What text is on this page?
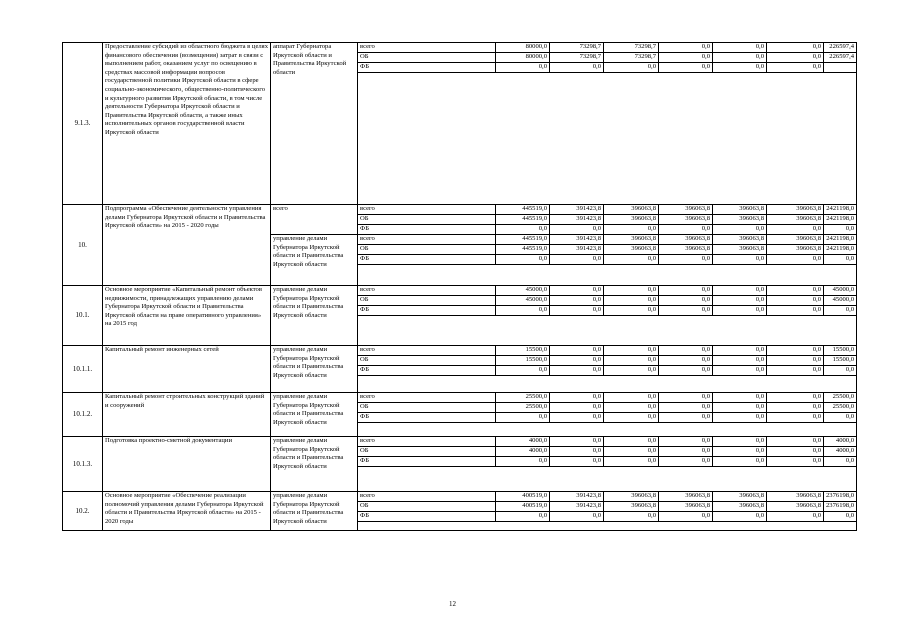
9.1.3.	Предоставление субсидий из областного бюджета в целях финансового обеспечения (возмещения) затрат в связи с выполнением работ, оказанием услуг по освещению в средствах массовой информации вопросов государственной политики Иркутской области в сфере социально-экономического, общественно-политического и культурного развития Иркутской области, в том числе деятельности Губернатора Иркутской области и Правительства Иркутской области, а также иных исполнительных органов государственной власти Иркутской области	аппарат Губернатора Иркутской области и Правительства Иркутской области	всего	80000,0	73298,7	73298,7	0,0	0,0	0,0	226597,4
			ОБ	80000,0	73298,7	73298,7	0,0	0,0	0,0	226597,4
			ФБ	0,0	0,0	0,0	0,0	0,0	0,0	

10.	Подпрограмма «Обеспечение деятельности управления делами Губернатора Иркутской области и Правительства Иркутской области» на 2015 - 2020 годы	всего	всего	445519,0	391423,8	396063,8	396063,8	396063,8	396063,8	2421198,0
			ОБ	445519,0	391423,8	396063,8	396063,8	396063,8	396063,8	2421198,0
			ФБ	0,0	0,0	0,0	0,0	0,0	0,0	0,0
		управление делами Губернатора Иркутской области и Правительства Иркутской области	всего	445519,0	391423,8	396063,8	396063,8	396063,8	396063,8	2421198,0
			ОБ	445519,0	391423,8	396063,8	396063,8	396063,8	396063,8	2421198,0
			ФБ	0,0	0,0	0,0	0,0	0,0	0,0	0,0

10.1.	Основное мероприятие «Капитальный ремонт объектов недвижимости, принадлежащих управлению делами Губернатора Иркутской области и Правительства Иркутской области на праве оперативного управления» на 2015 год	управление делами Губернатора Иркутской области и Правительства Иркутской области	всего	45000,0	0,0	0,0	0,0	0,0	0,0	45000,0
			ОБ	45000,0	0,0	0,0	0,0	0,0	0,0	45000,0
			ФБ	0,0	0,0	0,0	0,0	0,0	0,0	0,0

10.1.1.	Капитальный ремонт инженерных сетей	управление делами Губернатора Иркутской области и Правительства Иркутской области	всего	15500,0	0,0	0,0	0,0	0,0	0,0	15500,0
			ОБ	15500,0	0,0	0,0	0,0	0,0	0,0	15500,0
			ФБ	0,0	0,0	0,0	0,0	0,0	0,0	0,0

10.1.2.	Капитальный ремонт строительных конструкций зданий и сооружений	управление делами Губернатора Иркутской области и Правительства Иркутской области	всего	25500,0	0,0	0,0	0,0	0,0	0,0	25500,0
			ОБ	25500,0	0,0	0,0	0,0	0,0	0,0	25500,0
			ФБ	0,0	0,0	0,0	0,0	0,0	0,0	0,0

10.1.3.	Подготовка проектно-сметной документации	управление делами Губернатора Иркутской области и Правительства Иркутской области	всего	4000,0	0,0	0,0	0,0	0,0	0,0	4000,0
			ОБ	4000,0	0,0	0,0	0,0	0,0	0,0	4000,0
			ФБ	0,0	0,0	0,0	0,0	0,0	0,0	0,0

10.2.	Основное мероприятие «Обеспечение реализации полномочий управления делами Губернатора Иркутской области и Правительства Иркутской области» на 2015 - 2020 годы	управление делами Губернатора Иркутской области и Правительства Иркутской области	всего	400519,0	391423,8	396063,8	396063,8	396063,8	396063,8	2376198,0
			ОБ	400519,0	391423,8	396063,8	396063,8	396063,8	396063,8	2376198,0
			ФБ	0,0	0,0	0,0	0,0	0,0	0,0	0,0

12
